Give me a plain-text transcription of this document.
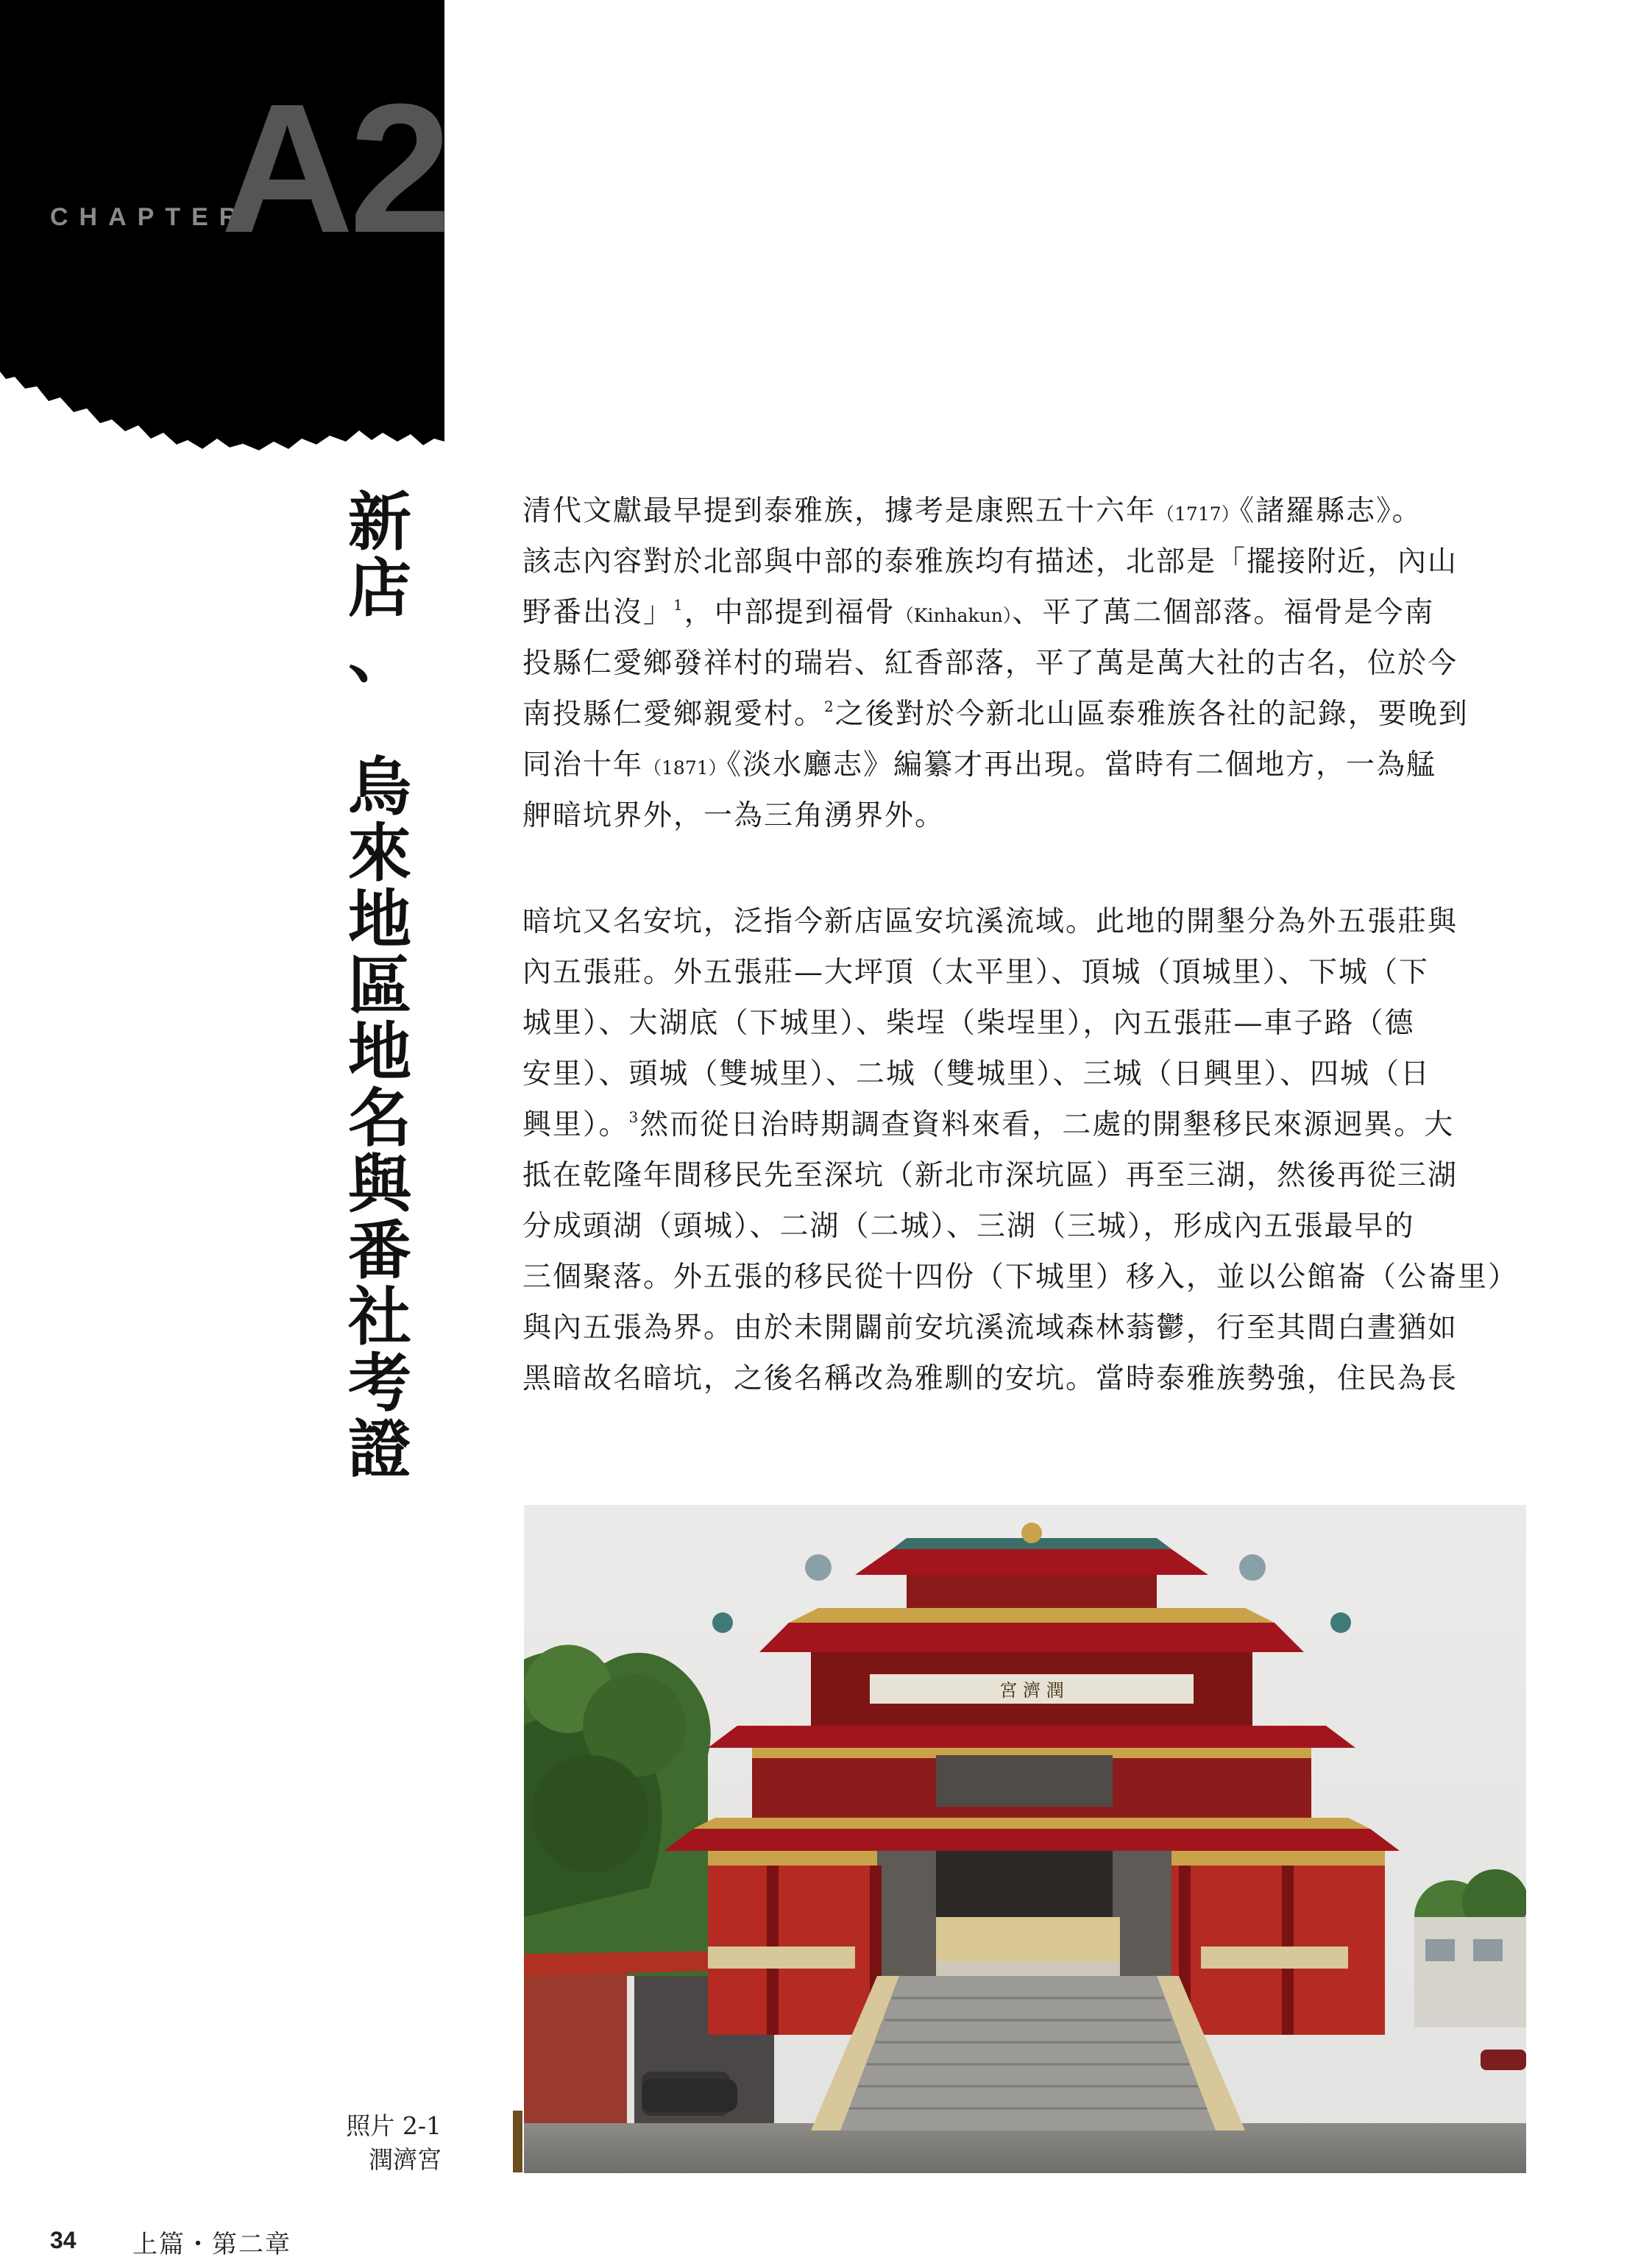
CHAPTER
A2
新
店
、
烏
來
地
區
地
名
與
番
社
考
證
清代文獻最早提到泰雅族，據考是康熙五十六年（1717）《諸羅縣志》。
該志內容對於北部與中部的泰雅族均有描述，北部是「擺接附近，內山
野番出沒」$^1$，中部提到福骨（Kinhakun）、平了萬二個部落。福骨是今南
投縣仁愛鄉發祥村的瑞岩、紅香部落，平了萬是萬大社的古名，位於今
南投縣仁愛鄉親愛村。$^2$之後對於今新北山區泰雅族各社的記錄，要晚到
同治十年（1871）《淡水廳志》編纂才再出現。當時有二個地方，一為艋
舺暗坑界外，一為三角湧界外。
暗坑又名安坑，泛指今新店區安坑溪流域。此地的開墾分為外五張莊與
內五張莊。外五張莊—大坪頂（太平里）、頂城（頂城里）、下城（下
城里）、大湖底（下城里）、柴埕（柴埕里），內五張莊—車子路（德
安里）、頭城（雙城里）、二城（雙城里）、三城（日興里）、四城（日
興里）。$^3$然而從日治時期調查資料來看，二處的開墾移民來源迥異。大
抵在乾隆年間移民先至深坑（新北市深坑區）再至三湖，然後再從三湖
分成頭湖（頭城）、二湖（二城）、三湖（三城），形成內五張最早的
三個聚落。外五張的移民從十四份（下城里）移入，並以公館崙（公崙里）
與內五張為界。由於未開闢前安坑溪流域森林蓊鬱，行至其間白晝猶如
黑暗故名暗坑，之後名稱改為雅馴的安坑。當時泰雅族勢強，住民為長
宮 濟 潤
照片 2-1
潤濟宮
34 上篇・第二章
